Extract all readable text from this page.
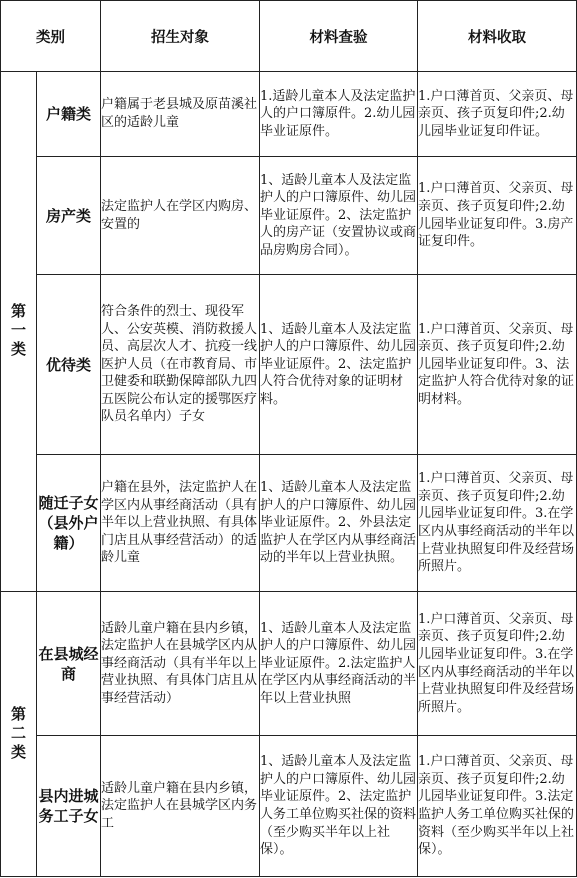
类别		招生对象	材料查验	材料收取
第一类	户籍类	户籍属于老县城及原苗溪社区的适龄儿童	1.适龄儿童本人及法定监护人的户口簿原件。2.幼儿园毕业证原件。	1.户口薄首页、父亲页、母亲页、孩子页复印件;2.幼儿园毕业证复印件证。
	房产类	法定监护人在学区内购房、安置的	1、适龄儿童本人及法定监护人的户口簿原件、幼儿园毕业证原件。2、法定监护人的房产证（安置协议或商品房购房合同）。	1.户口薄首页、父亲页、母亲页、孩子页复印件;2.幼儿园毕业证复印件。3.房产证复印件。
	优待类	符合条件的烈士、现役军人、公安英模、消防救援人员、高层次人才、抗疫一线医护人员（在市教育局、市卫健委和联勤保障部队九四五医院公布认定的援鄂医疗队员名单内）子女	1、适龄儿童本人及法定监护人的户口簿原件、幼儿园毕业证原件。2、法定监护人符合优待对象的证明材料。	1.户口薄首页、父亲页、母亲页、孩子页复印件;2.幼儿园毕业证复印件。3、法定监护人符合优待对象的证明材料。
	随迁子女（县外户籍）	户籍在县外，法定监护人在学区内从事经商活动（具有半年以上营业执照、有具体门店且从事经营活动）的适龄儿童	1、适龄儿童本人及法定监护人的户口簿原件、幼儿园毕业证原件。2、外县法定监护人在学区内从事经商活动的半年以上营业执照。	1.户口薄首页、父亲页、母亲页、孩子页复印件;2.幼儿园毕业证复印件。3.在学区内从事经商活动的半年以上营业执照复印件及经营场所照片。
第二类	在县城经商	适龄儿童户籍在县内乡镇，法定监护人在县城学区内从事经商活动（具有半年以上营业执照、有具体门店且从事经营活动）	1、适龄儿童本人及法定监护人的户口簿原件、幼儿园毕业证原件。2.法定监护人在学区内从事经商活动的半年以上营业执照	1.户口薄首页、父亲页、母亲页、孩子页复印件;2.幼儿园毕业证复印件。3.在学区内从事经商活动的半年以上营业执照复印件及经营场所照片。
	县内进城务工子女	适龄儿童户籍在县内乡镇，法定监护人在县城学区内务工	1、适龄儿童本人及法定监护人的户口簿原件、幼儿园毕业证原件。2、法定监护人务工单位购买社保的资料（至少购买半年以上社保）。	1.户口薄首页、父亲页、母亲页、孩子页复印件;2.幼儿园毕业证复印件。3.法定监护人务工单位购买社保的资料（至少购买半年以上社保）。
